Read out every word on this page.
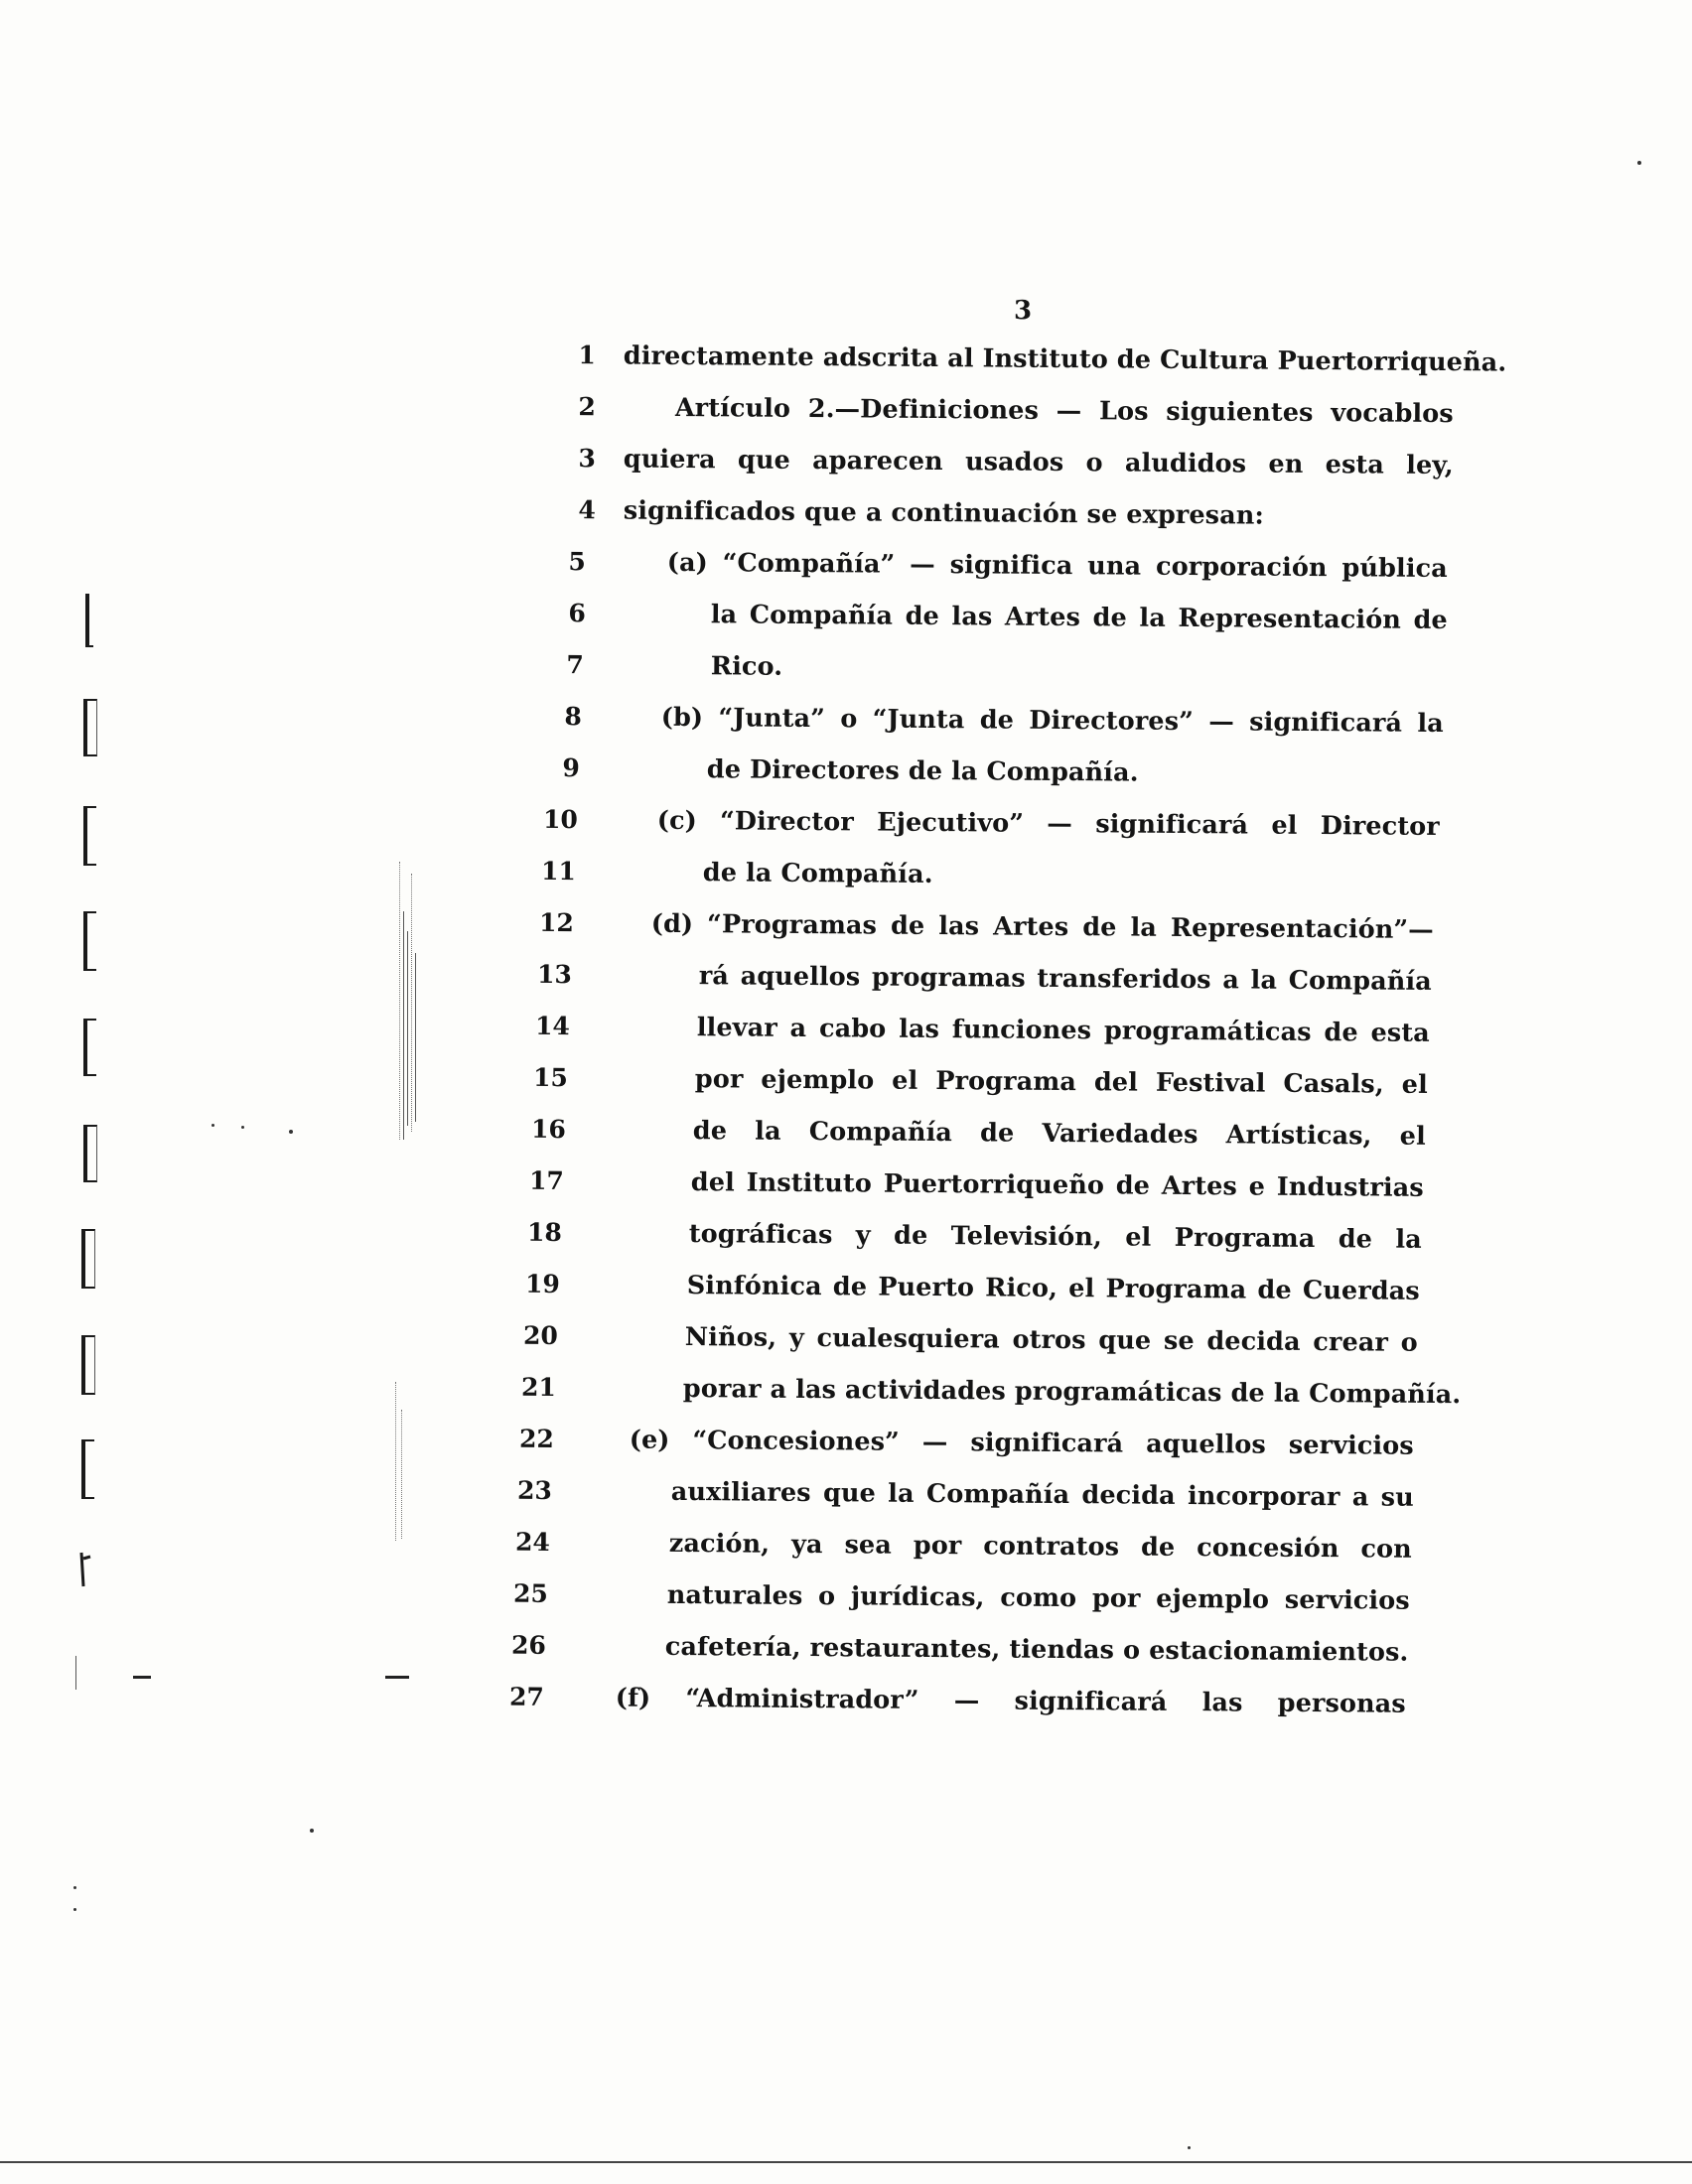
3
1 directamente adscrita al Instituto de Cultura Puertorriqueña.
2	Artículo 2.—Definiciones — Los siguientes vocablos
3 quiera que aparecen usados o aludidos en esta ley,
4 significados que a continuación se expresan:
5	(a) “Compañía” — significa una corporación pública
6	la Compañía de las Artes de la Representación de
7	Rico.
8	(b) “Junta” o “Junta de Directores” — significará la
9	de Directores de la Compañía.
10	(c) “Director Ejecutivo” — significará el Director
11	de la Compañía.
12	(d) “Programas de las Artes de la Representación”—
13	rá aquellos programas transferidos a la Compañía
14	llevar a cabo las funciones programáticas de esta
15	por ejemplo el Programa del Festival Casals, el
16	de la Compañía de Variedades Artísticas, el
17	del Instituto Puertorriqueño de Artes e Industrias
18	tográficas y de Televisión, el Programa de la
19	Sinfónica de Puerto Rico, el Programa de Cuerdas
20	Niños, y cualesquiera otros que se decida crear o
21	porar a las actividades programáticas de la Compañía.
22	(e) “Concesiones” — significará aquellos servicios
23	auxiliares que la Compañía decida incorporar a su
24	zación, ya sea por contratos de concesión con
25	naturales o jurídicas, como por ejemplo servicios
26	cafetería, restaurantes, tiendas o estacionamientos.
27	(f) “Administrador” — significará las personas
